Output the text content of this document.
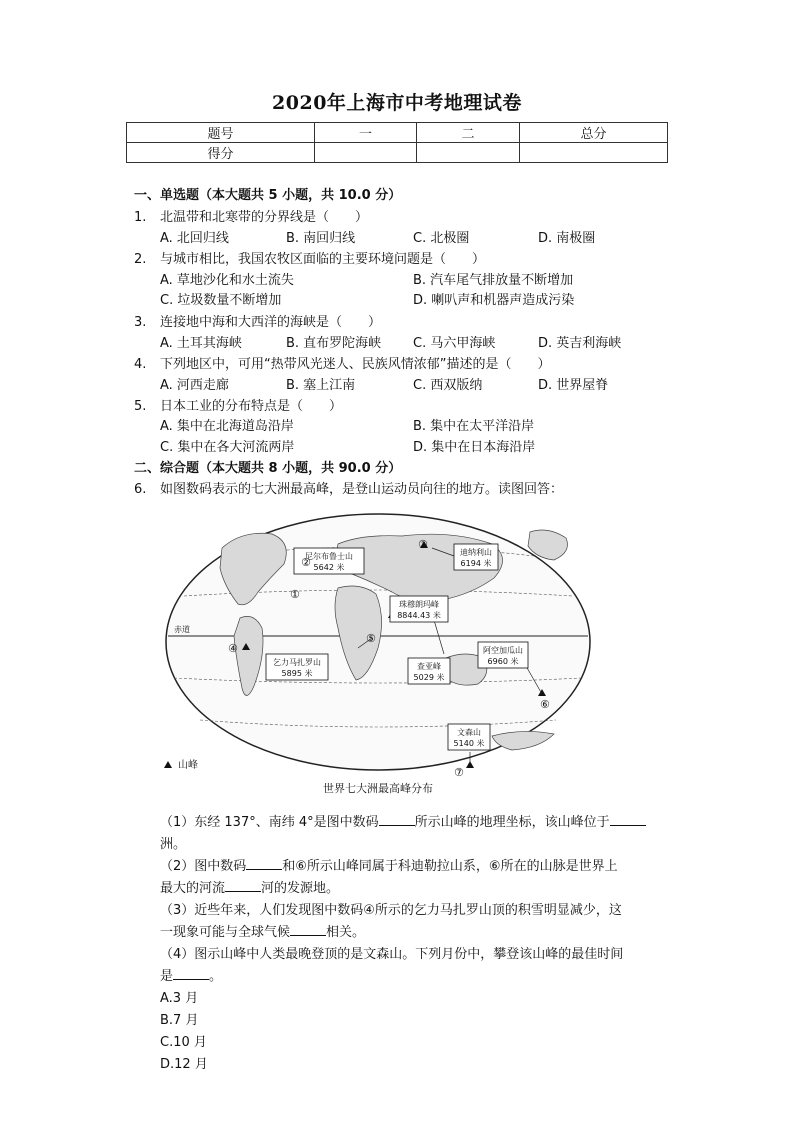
2020年上海市中考地理试卷
题号	一	二	总分
得分			
一、单选题（本大题共 5 小题，共 10.0 分）
1.	北温带和北寒带的分界线是（　　）
A. 北回归线	B. 南回归线	C. 北极圈	D. 南极圈
2.	与城市相比，我国农牧区面临的主要环境问题是（　　）
A. 草地沙化和水土流失	B. 汽车尾气排放量不断增加
C. 垃圾数量不断增加	D. 喇叭声和机器声造成污染
3.	连接地中海和大西洋的海峡是（　　）
A. 土耳其海峡	B. 直布罗陀海峡 C. 马六甲海峡	D. 英吉利海峡
4.	下列地区中，可用“热带风光迷人、民族风情浓郁”描述的是（　　）
A. 河西走廊	B. 塞上江南	C. 西双版纳	D. 世界屋脊
5.	日本工业的分布特点是（　　）
A. 集中在北海道岛沿岸	B. 集中在太平洋沿岸
C. 集中在各大河流两岸	D. 集中在日本海沿岸
二、综合题（本大题共 8 小题，共 90.0 分）
6.	如图数码表示的七大洲最高峰，是登山运动员向往的地方。读图回答：
赤道
尼尔布鲁士山
5642 米
迪纳利山
6194 米
珠穆朗玛峰
8844.43 米
乞力马扎罗山
5895 米
查亚峰
5029 米
阿空加瓜山
6960 米
文森山
5140 米
②
③
①
④
⑤
⑥
⑦
山峰
世界七大洲最高峰分布
（1）东经 137°、南纬 4°是图中数码	所示山峰的地理坐标，该山峰位于
洲。
（2）图中数码	和⑥所示山峰同属于科迪勒拉山系，⑥所在的山脉是世界上
最大的河流	河的发源地。
（3）近些年来，人们发现图中数码④所示的乞力马扎罗山顶的积雪明显减少，这
一现象可能与全球气候	相关。
（4）图示山峰中人类最晚登顶的是文森山。下列月份中，攀登该山峰的最佳时间
是	。
A.3 月
B.7 月
C.10 月
D.12 月
